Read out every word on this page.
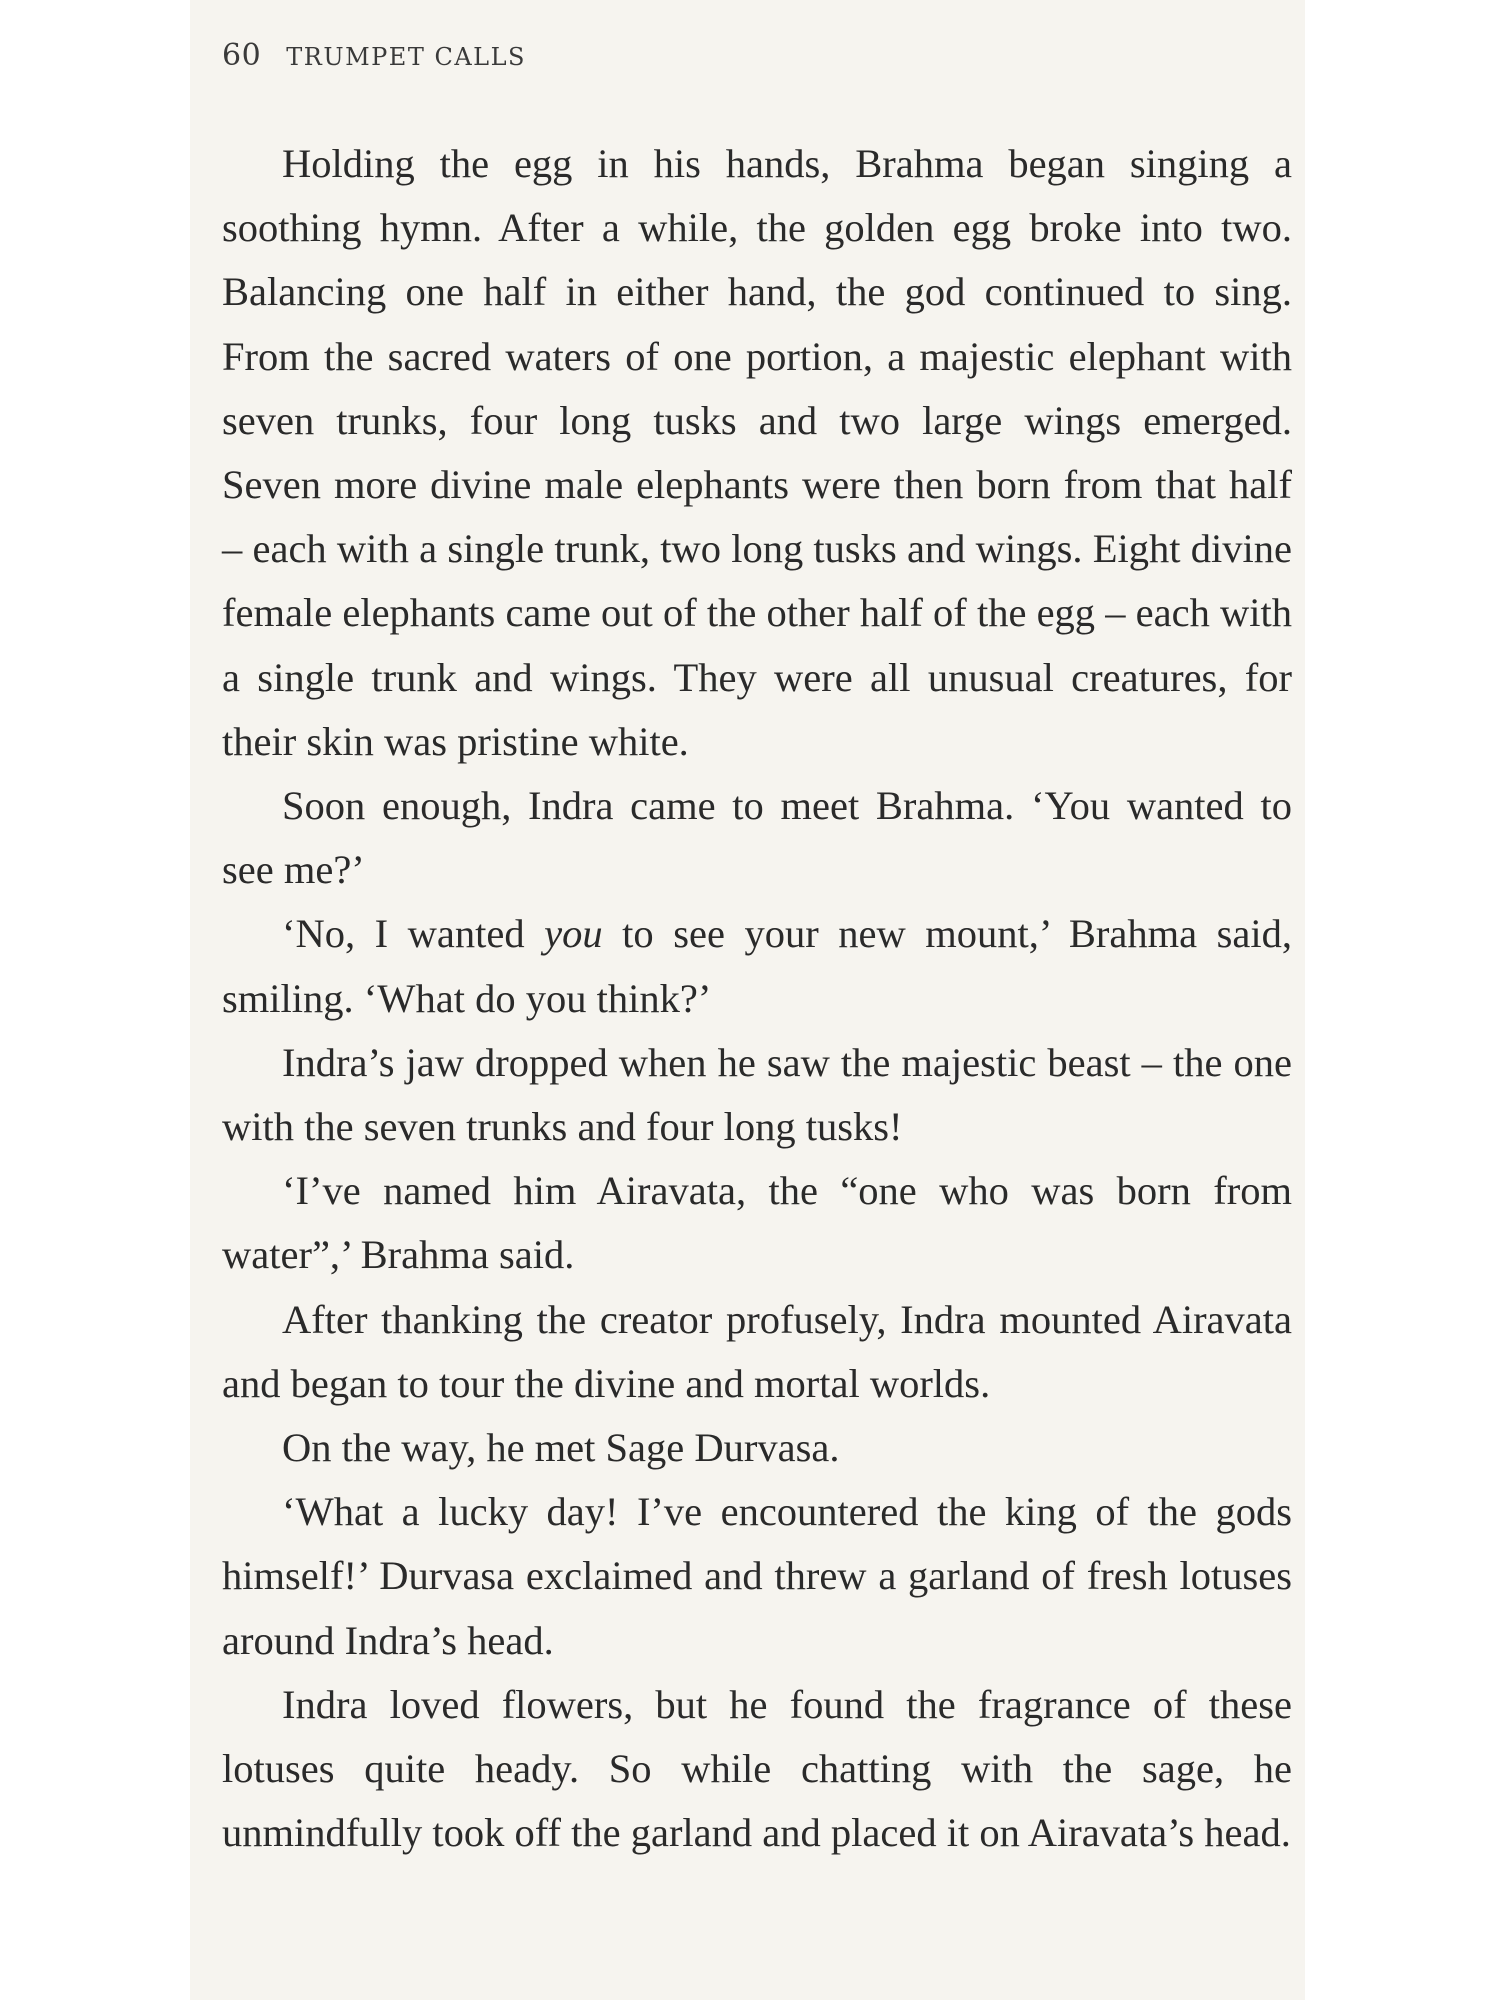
60 TRUMPET CALLS

Holding the egg in his hands, Brahma began singing a soothing hymn. After a while, the golden egg broke into two. Balancing one half in either hand, the god continued to sing. From the sacred waters of one portion, a majestic elephant with seven trunks, four long tusks and two large wings emerged. Seven more divine male elephants were then born from that half – each with a single trunk, two long tusks and wings. Eight divine female elephants came out of the other half of the egg – each with a single trunk and wings. They were all unusual creatures, for their skin was pristine white.

Soon enough, Indra came to meet Brahma. ‘You wanted to see me?’

‘No, I wanted you to see your new mount,’ Brahma said, smiling. ‘What do you think?’

Indra’s jaw dropped when he saw the majestic beast – the one with the seven trunks and four long tusks!

‘I’ve named him Airavata, the “one who was born from water”,’ Brahma said.

After thanking the creator profusely, Indra mounted Airavata and began to tour the divine and mortal worlds.

On the way, he met Sage Durvasa.

‘What a lucky day! I’ve encountered the king of the gods himself!’ Durvasa exclaimed and threw a garland of fresh lotuses around Indra’s head.

Indra loved flowers, but he found the fragrance of these lotuses quite heady. So while chatting with the sage, he unmindfully took off the garland and placed it on Airavata’s head.
